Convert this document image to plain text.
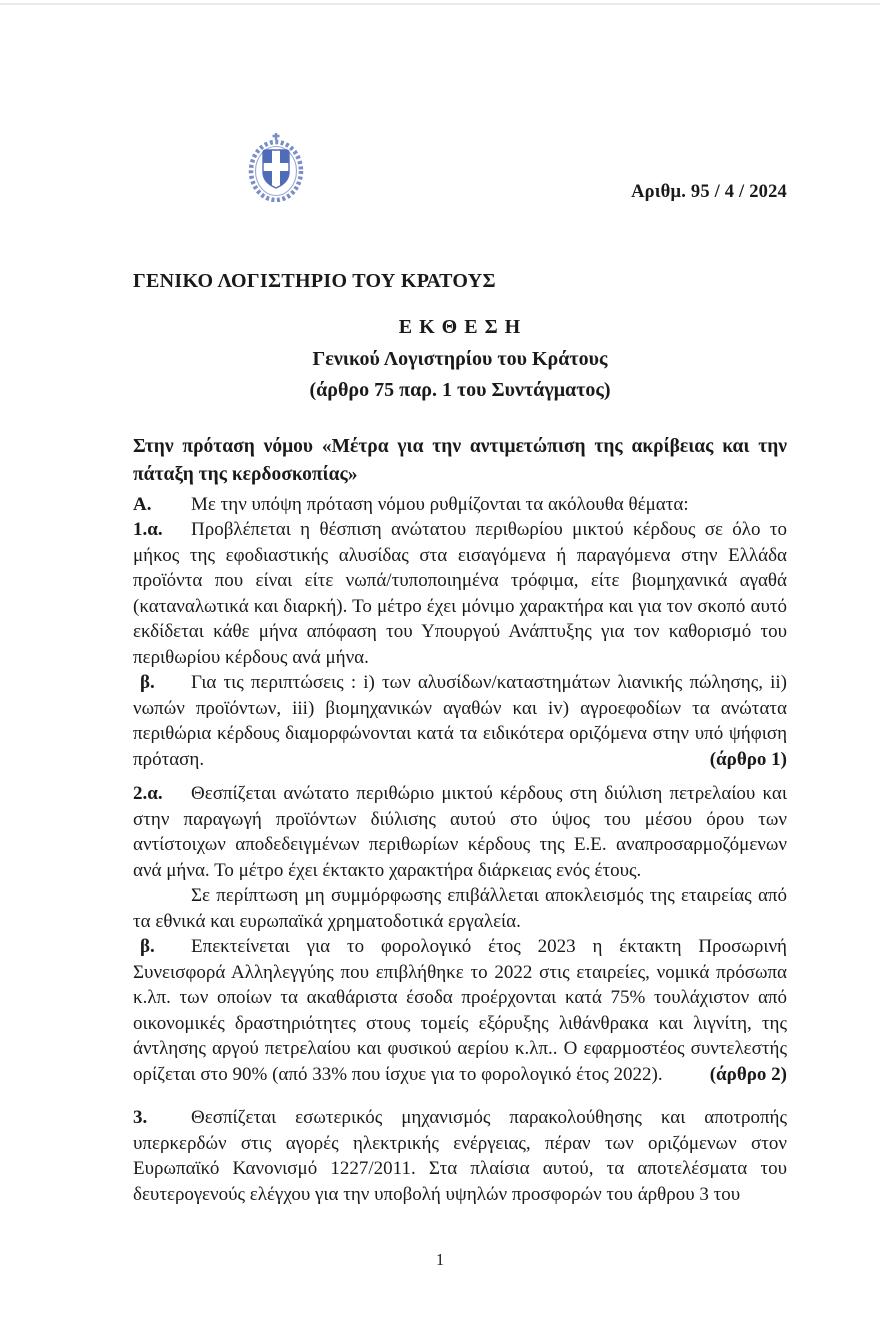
Αριθμ. 95 / 4 / 2024
ΓΕΝΙΚΟ ΛΟΓΙΣΤΗΡΙΟ ΤΟΥ ΚΡΑΤΟΥΣ
Ε Κ Θ Ε Σ Η
Γενικού Λογιστηρίου του Κράτους
(άρθρο 75 παρ. 1 του Συντάγματος)

Στην πρόταση νόμου «Μέτρα για την αντιμετώπιση της ακρίβειας και την πάταξη της κερδοσκοπίας»

Α. Με την υπόψη πρόταση νόμου ρυθμίζονται τα ακόλουθα θέματα:

1.α. Προβλέπεται η θέσπιση ανώτατου περιθωρίου μικτού κέρδους σε όλο το μήκος της εφοδιαστικής αλυσίδας στα εισαγόμενα ή παραγόμενα στην Ελλάδα προϊόντα που είναι είτε νωπά/τυποποιημένα τρόφιμα, είτε βιομηχανικά αγαθά (καταναλωτικά και διαρκή). Το μέτρο έχει μόνιμο χαρακτήρα και για τον σκοπό αυτό εκδίδεται κάθε μήνα απόφαση του Υπουργού Ανάπτυξης για τον καθορισμό του περιθωρίου κέρδους ανά μήνα.

β. Για τις περιπτώσεις : i) των αλυσίδων/καταστημάτων λιανικής πώλησης, ii) νωπών προϊόντων, iii) βιομηχανικών αγαθών και iv) αγροεφοδίων τα ανώτατα περιθώρια κέρδους διαμορφώνονται κατά τα ειδικότερα οριζόμενα στην υπό ψήφιση πρόταση.	(άρθρο 1)

2.α. Θεσπίζεται ανώτατο περιθώριο μικτού κέρδους στη διύλιση πετρελαίου και στην παραγωγή προϊόντων διύλισης αυτού στο ύψος του μέσου όρου των αντίστοιχων αποδεδειγμένων περιθωρίων κέρδους της Ε.Ε. αναπροσαρμοζόμενων ανά μήνα. Το μέτρο έχει έκτακτο χαρακτήρα διάρκειας ενός έτους.

Σε περίπτωση μη συμμόρφωσης επιβάλλεται αποκλεισμός της εταιρείας από τα εθνικά και ευρωπαϊκά χρηματοδοτικά εργαλεία.

β. Επεκτείνεται για το φορολογικό έτος 2023 η έκτακτη Προσωρινή Συνεισφορά Αλληλεγγύης που επιβλήθηκε το 2022 στις εταιρείες, νομικά πρόσωπα κ.λπ. των οποίων τα ακαθάριστα έσοδα προέρχονται κατά 75% τουλάχιστον από οικονομικές δραστηριότητες στους τομείς εξόρυξης λιθάνθρακα και λιγνίτη, της άντλησης αργού πετρελαίου και φυσικού αερίου κ.λπ.. Ο εφαρμοστέος συντελεστής ορίζεται στο 90% (από 33% που ίσχυε για το φορολογικό έτος 2022). (άρθρο 2)

3. Θεσπίζεται εσωτερικός μηχανισμός παρακολούθησης και αποτροπής υπερκερδών στις αγορές ηλεκτρικής ενέργειας, πέραν των οριζόμενων στον Ευρωπαϊκό Κανονισμό 1227/2011. Στα πλαίσια αυτού, τα αποτελέσματα του δευτερογενούς ελέγχου για την υποβολή υψηλών προσφορών του άρθρου 3 του

1
